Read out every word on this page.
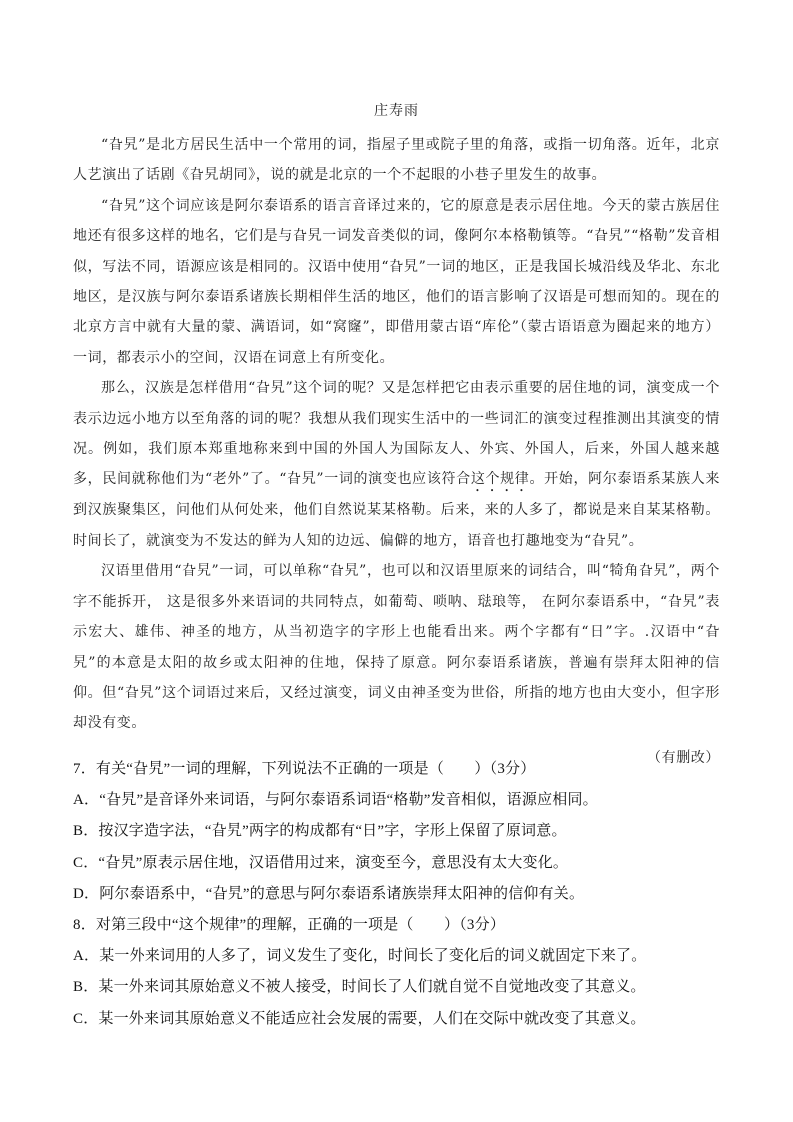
庄寿雨

“旮旯”是北方居民生活中一个常用的词，指屋子里或院子里的角落，或指一切角落。近年，北京人艺演出了话剧《旮旯胡同》，说的就是北京的一个不起眼的小巷子里发生的故事。

“旮旯”这个词应该是阿尔泰语系的语言音译过来的，它的原意是表示居住地。今天的蒙古族居住地还有很多这样的地名，它们是与旮旯一词发音类似的词，像阿尔本格勒镇等。“旮旯”“格勒”发音相似，写法不同，语源应该是相同的。汉语中使用“旮旯”一词的地区，正是我国长城沿线及华北、东北地区，是汉族与阿尔泰语系诸族长期相伴生活的地区，他们的语言影响了汉语是可想而知的。现在的北京方言中就有大量的蒙、满语词，如“窝窿”，即借用蒙古语“库伦”（蒙古语语意为圈起来的地方）一词，都表示小的空间，汉语在词意上有所变化。

那么，汉族是怎样借用“旮旯”这个词的呢？又是怎样把它由表示重要的居住地的词，演变成一个表示边远小地方以至角落的词的呢？我想从我们现实生活中的一些词汇的演变过程推测出其演变的情况。例如，我们原本郑重地称来到中国的外国人为国际友人、外宾、外国人，后来，外国人越来越多，民间就称他们为“老外”了。“旮旯”一词的演变也应该符合这个规律。开始，阿尔泰语系某族人来到汉族聚集区，问他们从何处来，他们自然说某某格勒。后来，来的人多了，都说是来自某某格勒。时间长了，就演变为不发达的鲜为人知的边远、偏僻的地方，语音也打趣地变为“旮旯”。

汉语里借用“旮旯”一词，可以单称“旮旯”，也可以和汉语里原来的词结合，叫“犄角旮旯”，两个字不能拆开， 这是很多外来语词的共同特点，如葡萄、唢呐、琺琅等， 在阿尔泰语系中，“旮旯”表示宏大、雄伟、神圣的地方，从当初造字的字形上也能看出来。两个字都有“日”字。.汉语中“旮旯”的本意是太阳的故乡或太阳神的住地，保持了原意。阿尔泰语系诸族，普遍有崇拜太阳神的信仰。但“旮旯”这个词语过来后，又经过演变，词义由神圣变为世俗，所指的地方也由大变小，但字形却没有变。

（有删改）
7．有关“旮旯”一词的理解，下列说法不正确的一项是（　　）（3分）
A．“旮旯”是音译外来词语，与阿尔泰语系词语“格勒”发音相似，语源应相同。
B．按汉字造字法，“旮旯”两字的构成都有“日”字，字形上保留了原词意。
C．“旮旯”原表示居住地，汉语借用过来，演变至今，意思没有太大变化。
D．阿尔泰语系中，“旮旯”的意思与阿尔泰语系诸族崇拜太阳神的信仰有关。
8．对第三段中“这个规律”的理解，正确的一项是（　　）（3分）
A．某一外来词用的人多了，词义发生了变化，时间长了变化后的词义就固定下来了。
B．某一外来词其原始意义不被人接受，时间长了人们就自觉不自觉地改变了其意义。
C．某一外来词其原始意义不能适应社会发展的需要，人们在交际中就改变了其意义。
